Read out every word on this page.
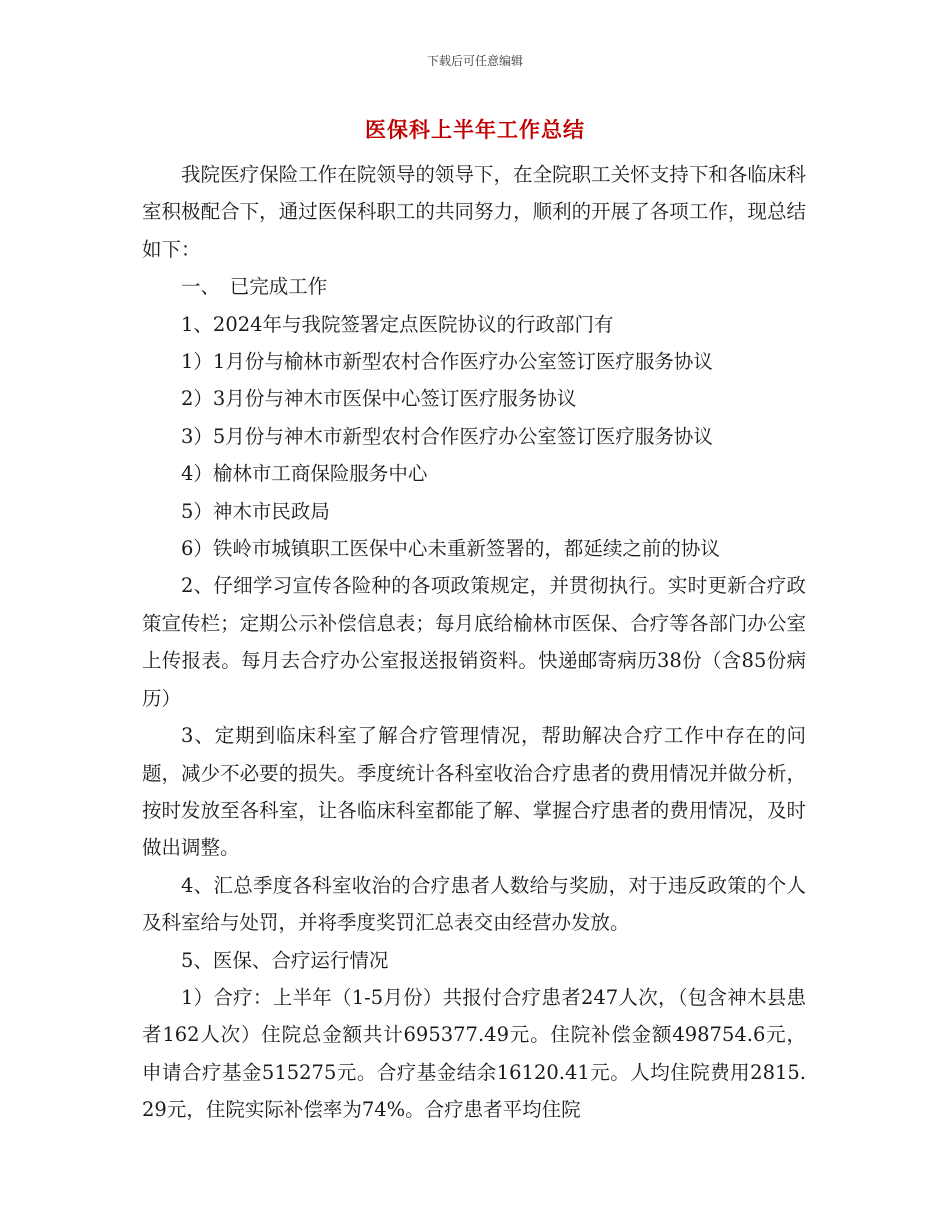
下载后可任意编辑
医保科上半年工作总结

我院医疗保险工作在院领导的领导下，在全院职工关怀支持下和各临床科室积极配合下，通过医保科职工的共同努力，顺利的开展了各项工作，现总结如下：

一、　已完成工作

1、2024年与我院签署定点医院协议的行政部门有

1）1月份与榆林市新型农村合作医疗办公室签订医疗服务协议

2）3月份与神木市医保中心签订医疗服务协议

3）5月份与神木市新型农村合作医疗办公室签订医疗服务协议

4）榆林市工商保险服务中心

5）神木市民政局

6）铁岭市城镇职工医保中心未重新签署的，都延续之前的协议

2、仔细学习宣传各险种的各项政策规定，并贯彻执行。实时更新合疗政策宣传栏；定期公示补偿信息表；每月底给榆林市医保、合疗等各部门办公室上传报表。每月去合疗办公室报送报销资料。快递邮寄病历38份（含85份病历）

3、定期到临床科室了解合疗管理情况，帮助解决合疗工作中存在的问题，减少不必要的损失。季度统计各科室收治合疗患者的费用情况并做分析，按时发放至各科室，让各临床科室都能了解、掌握合疗患者的费用情况，及时做出调整。

4、汇总季度各科室收治的合疗患者人数给与奖励，对于违反政策的个人及科室给与处罚，并将季度奖罚汇总表交由经营办发放。

5、医保、合疗运行情况

1）合疗：上半年（1-5月份）共报付合疗患者247人次，（包含神木县患者162人次）住院总金额共计695377.49元。住院补偿金额498754.6元，申请合疗基金515275元。合疗基金结余16120.41元。人均住院费用2815.29元，住院实际补偿率为74%。合疗患者平均住院
